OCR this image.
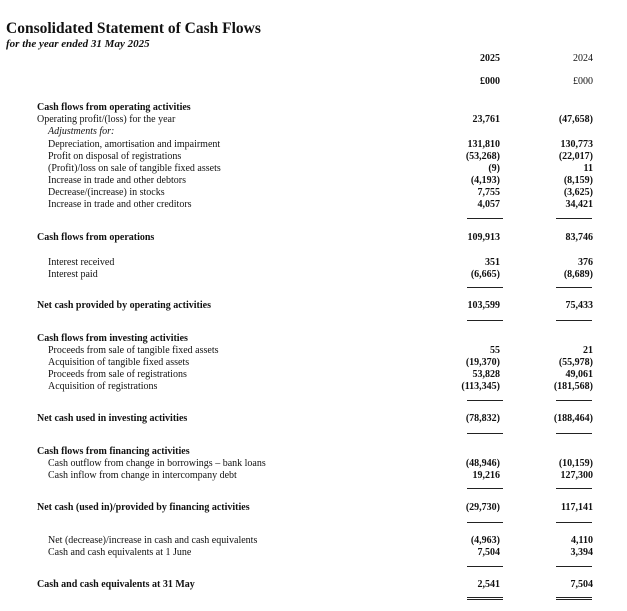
Consolidated Statement of Cash Flows
for the year ended 31 May 2025
2025	2024
£000	£000
Cash flows from operating activities
Operating profit/(loss) for the year	23,761	(47,658)
Adjustments for:
Depreciation, amortisation and impairment	131,810	130,773
Profit on disposal of registrations	(53,268)	(22,017)
(Profit)/loss on sale of tangible fixed assets	(9)	11
Increase in trade and other debtors	(4,193)	(8,159)
Decrease/(increase) in stocks	7,755	(3,625)
Increase in trade and other creditors	4,057	34,421
Cash flows from operations	109,913	83,746
Interest received	351	376
Interest paid	(6,665)	(8,689)
Net cash provided by operating activities	103,599	75,433
Cash flows from investing activities
Proceeds from sale of tangible fixed assets	55	21
Acquisition of tangible fixed assets	(19,370)	(55,978)
Proceeds from sale of registrations	53,828	49,061
Acquisition of registrations	(113,345)	(181,568)
Net cash used in investing activities	(78,832)	(188,464)
Cash flows from financing activities
Cash outflow from change in borrowings – bank loans	(48,946)	(10,159)
Cash inflow from change in intercompany debt	19,216	127,300
Net cash (used in)/provided by financing activities	(29,730)	117,141
Net (decrease)/increase in cash and cash equivalents	(4,963)	4,110
Cash and cash equivalents at 1 June	7,504	3,394
Cash and cash equivalents at 31 May	2,541	7,504
